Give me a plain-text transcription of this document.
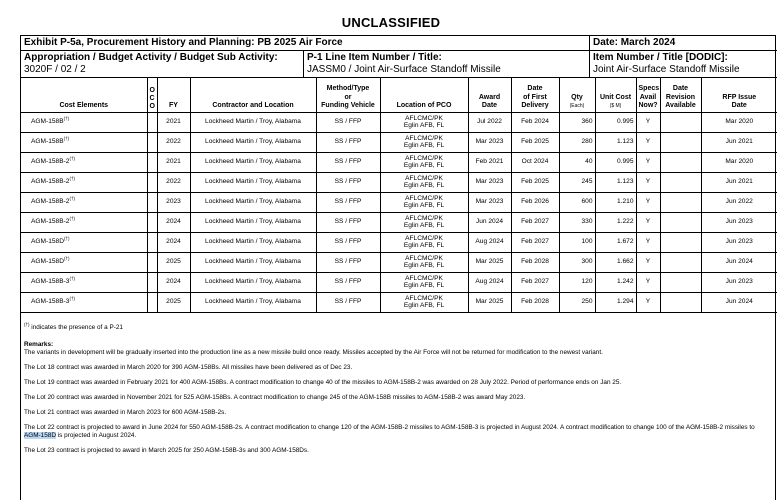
UNCLASSIFIED
Exhibit P-5a, Procurement History and Planning: PB 2025 Air Force	Date: March 2024
Appropriation / Budget Activity / Budget Sub Activity:
3020F / 02 / 2
P-1 Line Item Number / Title:
JASSM0 / Joint Air-Surface Standoff Missile
Item Number / Title [DODIC]:
Joint Air-Surface Standoff Missile
Cost Elements	O
C
O	FY	Contractor and Location	Method/Type
or
Funding Vehicle	Location of PCO	Award
Date	Date
of First
Delivery	Qty
(Each)	Unit Cost
($ M)	Specs
Avail
Now?	Date
Revision
Available	RFP Issue
Date
AGM-158B(†)		2021	Lockheed Martin / Troy, Alabama	SS / FFP	AFLCMC/PK
Eglin AFB, FL	Jul 2022	Feb 2024	360	0.995	Y		Mar 2020
AGM-158B(†)		2022	Lockheed Martin / Troy, Alabama	SS / FFP	AFLCMC/PK
Eglin AFB, FL	Mar 2023	Feb 2025	280	1.123	Y		Jun 2021
AGM-158B-2(†)		2021	Lockheed Martin / Troy, Alabama	SS / FFP	AFLCMC/PK
Eglin AFB, FL	Feb 2021	Oct 2024	40	0.995	Y		Mar 2020
AGM-158B-2(†)		2022	Lockheed Martin / Troy, Alabama	SS / FFP	AFLCMC/PK
Eglin AFB, FL	Mar 2023	Feb 2025	245	1.123	Y		Jun 2021
AGM-158B-2(†)		2023	Lockheed Martin / Troy, Alabama	SS / FFP	AFLCMC/PK
Eglin AFB, FL	Mar 2023	Feb 2026	600	1.210	Y		Jun 2022
AGM-158B-2(†)		2024	Lockheed Martin / Troy, Alabama	SS / FFP	AFLCMC/PK
Eglin AFB, FL	Jun 2024	Feb 2027	330	1.222	Y		Jun 2023
AGM-158D(†)		2024	Lockheed Martin / Troy, Alabama	SS / FFP	AFLCMC/PK
Eglin AFB, FL	Aug 2024	Feb 2027	100	1.672	Y		Jun 2023
AGM-158D(†)		2025	Lockheed Martin / Troy, Alabama	SS / FFP	AFLCMC/PK
Eglin AFB, FL	Mar 2025	Feb 2028	300	1.662	Y		Jun 2024
AGM-158B-3(†)		2024	Lockheed Martin / Troy, Alabama	SS / FFP	AFLCMC/PK
Eglin AFB, FL	Aug 2024	Feb 2027	120	1.242	Y		Jun 2023
AGM-158B-3(†)		2025	Lockheed Martin / Troy, Alabama	SS / FFP	AFLCMC/PK
Eglin AFB, FL	Mar 2025	Feb 2028	250	1.294	Y		Jun 2024
(†) indicates the presence of a P-21
Remarks:
The variants in development will be gradually inserted into the production line as a new missile build once ready. Missiles accepted by the Air Force will not be returned for modification to the newest variant.
The Lot 18 contract was awarded in March 2020 for 390 AGM-158Bs. All missiles have been delivered as of Dec 23.
The Lot 19 contract was awarded in February 2021 for 400 AGM-158Bs. A contract modification to change 40 of the missiles to AGM-158B-2 was awarded on 28 July 2022. Period of performance ends on Jan 25.
The Lot 20 contract was awarded in November 2021 for 525 AGM-158Bs. A contract modification to change 245 of the AGM-158B missiles to AGM-158B-2 was award May 2023.
The Lot 21 contract was awarded in March 2023 for 600 AGM-158B-2s.
The Lot 22 contract is projected to award in June 2024 for 550 AGM-158B-2s. A contract modification to change 120 of the AGM-158B-2 missiles to AGM-158B-3 is projected in August 2024. A contract modification to change 100 of the AGM-158B-2 missiles to AGM-158D is projected in August 2024.
The Lot 23 contract is projected to award in March 2025 for 250 AGM-158B-3s and 300 AGM-158Ds.
